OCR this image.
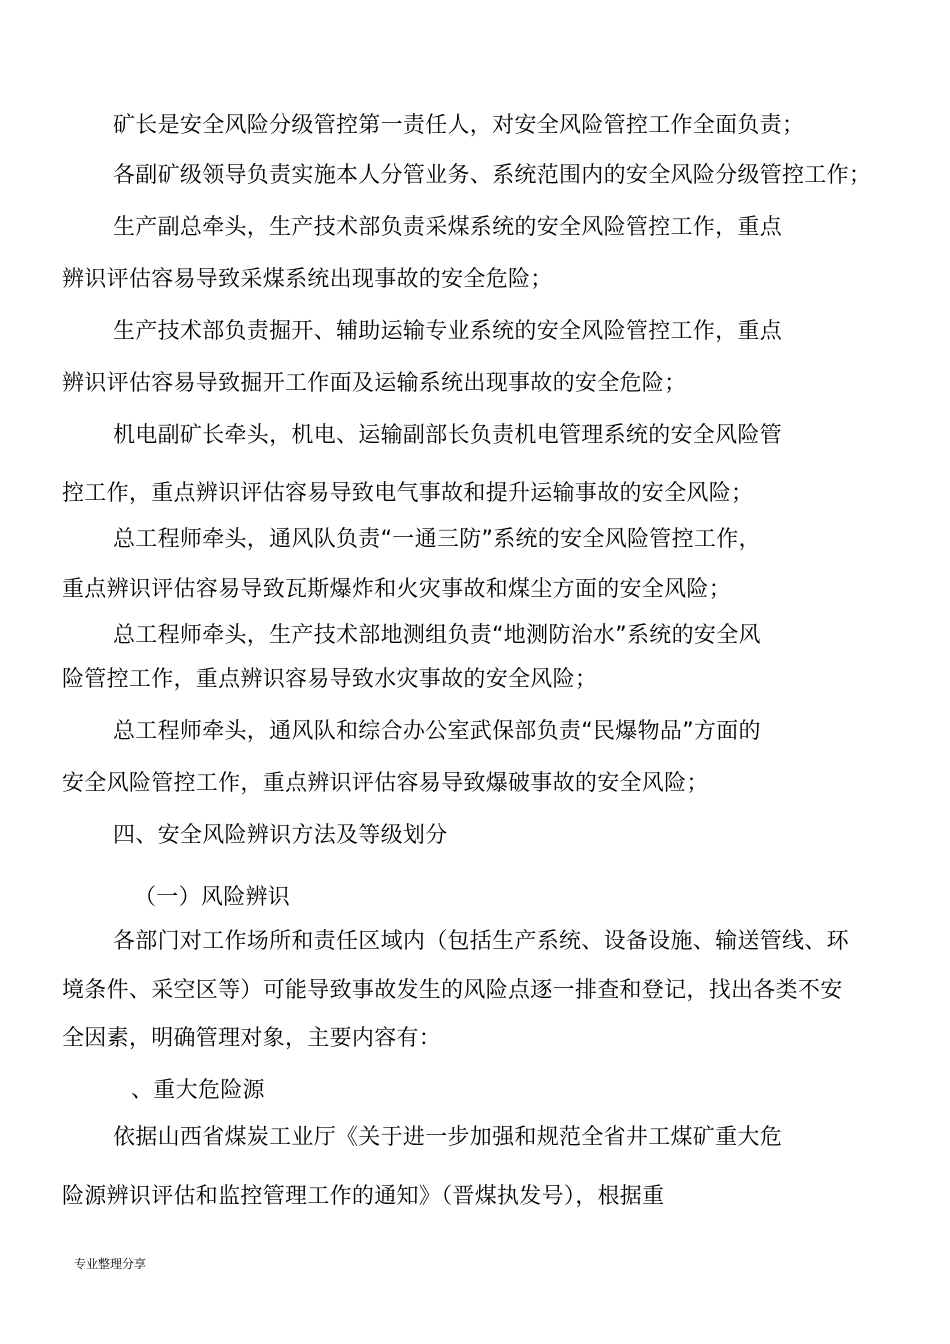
矿长是安全风险分级管控第一责任人，对安全风险管控工作全面负责；
各副矿级领导负责实施本人分管业务、系统范围内的安全风险分级管控工作；
生产副总牵头，生产技术部负责采煤系统的安全风险管控工作，重点
辨识评估容易导致采煤系统出现事故的安全危险；
生产技术部负责掘开、辅助运输专业系统的安全风险管控工作，重点
辨识评估容易导致掘开工作面及运输系统出现事故的安全危险；
机电副矿长牵头，机电、运输副部长负责机电管理系统的安全风险管
控工作，重点辨识评估容易导致电气事故和提升运输事故的安全风险；
总工程师牵头，通风队负责“一通三防”系统的安全风险管控工作，
重点辨识评估容易导致瓦斯爆炸和火灾事故和煤尘方面的安全风险；
总工程师牵头，生产技术部地测组负责“地测防治水”系统的安全风
险管控工作，重点辨识容易导致水灾事故的安全风险；
总工程师牵头，通风队和综合办公室武保部负责“民爆物品”方面的
安全风险管控工作，重点辨识评估容易导致爆破事故的安全风险；
四、安全风险辨识方法及等级划分
（一）风险辨识
各部门对工作场所和责任区域内（包括生产系统、设备设施、输送管线、环
境条件、采空区等）可能导致事故发生的风险点逐一排查和登记，找出各类不安
全因素，明确管理对象，主要内容有：
、重大危险源
依据山西省煤炭工业厅《关于进一步加强和规范全省井工煤矿重大危
险源辨识评估和监控管理工作的通知》（晋煤执发号），根据重
专业整理分享
